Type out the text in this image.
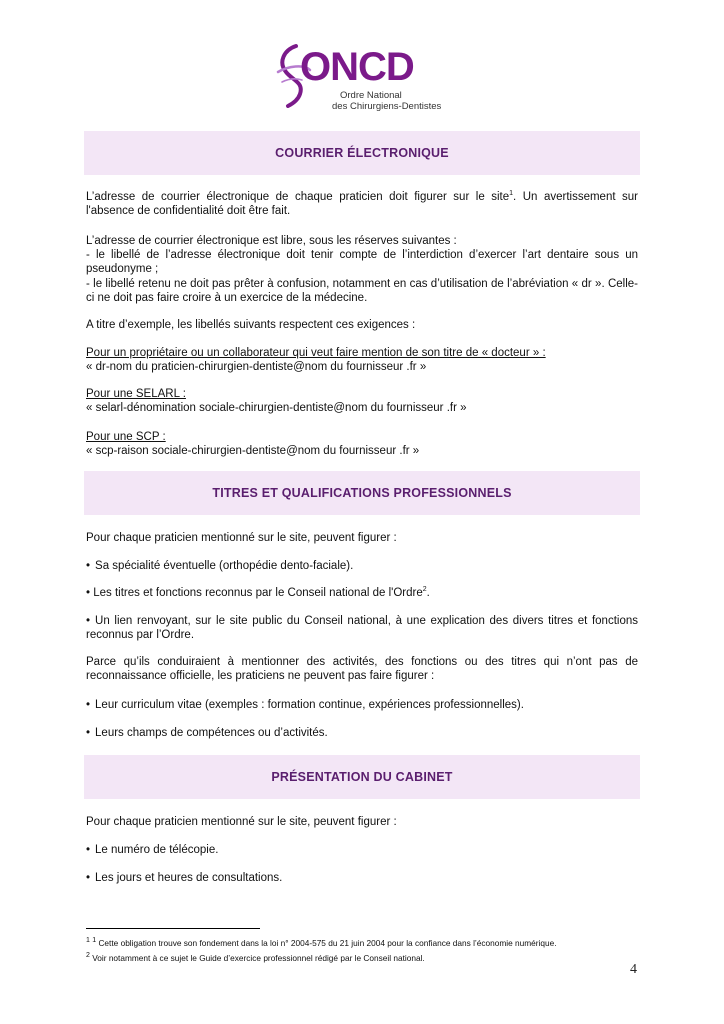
ONCD
Ordre National
des Chirurgiens-Dentistes
COURRIER ÉLECTRONIQUE
L’adresse de courrier électronique de chaque praticien doit figurer sur le site$^1$. Un avertissement sur l'absence de confidentialité doit être fait.
L’adresse de courrier électronique est libre, sous les réserves suivantes :
- le libellé de l’adresse électronique doit tenir compte de l’interdiction d’exercer l’art dentaire sous un pseudonyme ;
- le libellé retenu ne doit pas prêter à confusion, notamment en cas d’utilisation de l’abréviation « dr ». Celle-ci ne doit pas faire croire à un exercice de la médecine.
A titre d’exemple, les libellés suivants respectent ces exigences :
Pour un propriétaire ou un collaborateur qui veut faire mention de son titre de « docteur » :
« dr-nom du praticien-chirurgien-dentiste@nom du fournisseur .fr »
Pour une SELARL :
« selarl-dénomination sociale-chirurgien-dentiste@nom du fournisseur .fr »
Pour une SCP :
« scp-raison sociale-chirurgien-dentiste@nom du fournisseur .fr »
TITRES ET QUALIFICATIONS PROFESSIONNELS
Pour chaque praticien mentionné sur le site, peuvent figurer :
• Sa spécialité éventuelle (orthopédie dento-faciale).
• Les titres et fonctions reconnus par le Conseil national de l'Ordre$^2$.
• Un lien renvoyant, sur le site public du Conseil national, à une explication des divers titres et fonctions reconnus par l’Ordre.
Parce qu’ils conduiraient à mentionner des activités, des fonctions ou des titres qui n’ont pas de reconnaissance officielle, les praticiens ne peuvent pas faire figurer :
• Leur curriculum vitae (exemples : formation continue, expériences professionnelles).
• Leurs champs de compétences ou d’activités.
PRÉSENTATION DU CABINET
Pour chaque praticien mentionné sur le site, peuvent figurer :
• Le numéro de télécopie.
• Les jours et heures de consultations.
$^1$ $^1$ Cette obligation trouve son fondement dans la loi n° 2004-575 du 21 juin 2004 pour la confiance dans l’économie numérique.
$^2$ Voir notamment à ce sujet le Guide d’exercice professionnel rédigé par le Conseil national.
4
